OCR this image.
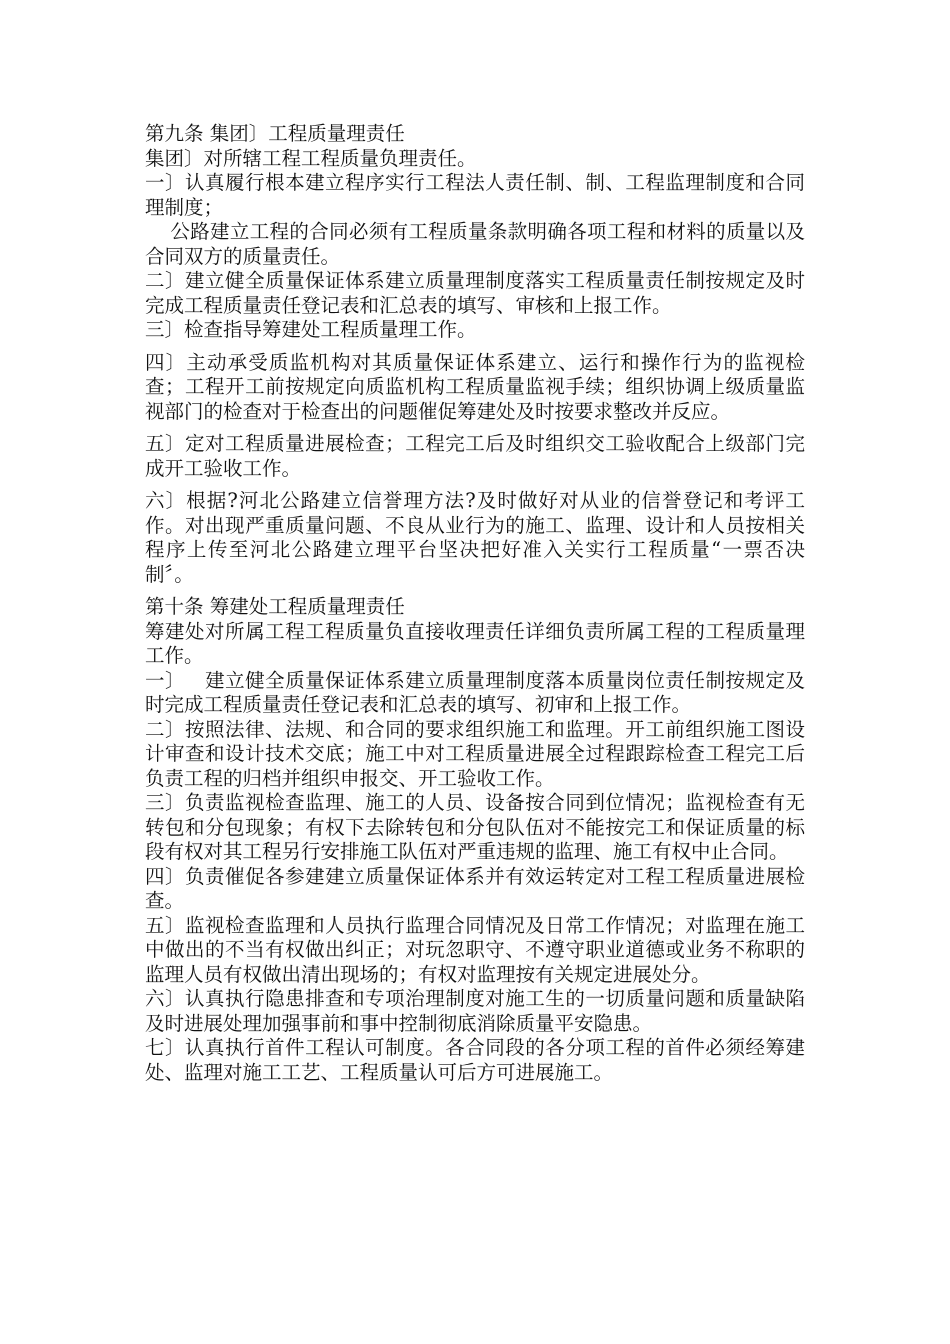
第九条 集团〕工程质量理责任

集团〕对所辖工程工程质量负理责任。

一〕认真履行根本建立程序实行工程法人责任制、制、工程监理制度和合同理制度；

公路建立工程的合同必须有工程质量条款明确各项工程和材料的质量以及合同双方的质量责任。

二〕建立健全质量保证体系建立质量理制度落实工程质量责任制按规定及时完成工程质量责任登记表和汇总表的填写、审核和上报工作。

三〕检查指导筹建处工程质量理工作。

四〕主动承受质监机构对其质量保证体系建立、运行和操作行为的监视检查；工程开工前按规定向质监机构工程质量监视手续；组织协调上级质量监视部门的检查对于检查出的问题催促筹建处及时按要求整改并反应。

五〕定对工程质量进展检查；工程完工后及时组织交工验收配合上级部门完成开工验收工作。

六〕根据?河北公路建立信誉理方法?及时做好对从业的信誉登记和考评工作。对出现严重质量问题、不良从业行为的施工、监理、设计和人员按相关程序上传至河北公路建立理平台坚决把好准入关实行工程质量“一票否决制〞。

第十条 筹建处工程质量理责任

筹建处对所属工程工程质量负直接收理责任详细负责所属工程的工程质量理工作。

一〕   建立健全质量保证体系建立质量理制度落本质量岗位责任制按规定及时完成工程质量责任登记表和汇总表的填写、初审和上报工作。

二〕按照法律、法规、和合同的要求组织施工和监理。开工前组织施工图设计审查和设计技术交底；施工中对工程质量进展全过程跟踪检查工程完工后负责工程的归档并组织申报交、开工验收工作。

三〕负责监视检查监理、施工的人员、设备按合同到位情况；监视检查有无转包和分包现象；有权下去除转包和分包队伍对不能按完工和保证质量的标段有权对其工程另行安排施工队伍对严重违规的监理、施工有权中止合同。

四〕负责催促各参建建立质量保证体系并有效运转定对工程工程质量进展检查。

五〕监视检查监理和人员执行监理合同情况及日常工作情况；对监理在施工中做出的不当有权做出纠正；对玩忽职守、不遵守职业道德或业务不称职的监理人员有权做出清出现场的；有权对监理按有关规定进展处分。

六〕认真执行隐患排查和专项治理制度对施工生的一切质量问题和质量缺陷及时进展处理加强事前和事中控制彻底消除质量平安隐患。

七〕认真执行首件工程认可制度。各合同段的各分项工程的首件必须经筹建处、监理对施工工艺、工程质量认可后方可进展施工。
